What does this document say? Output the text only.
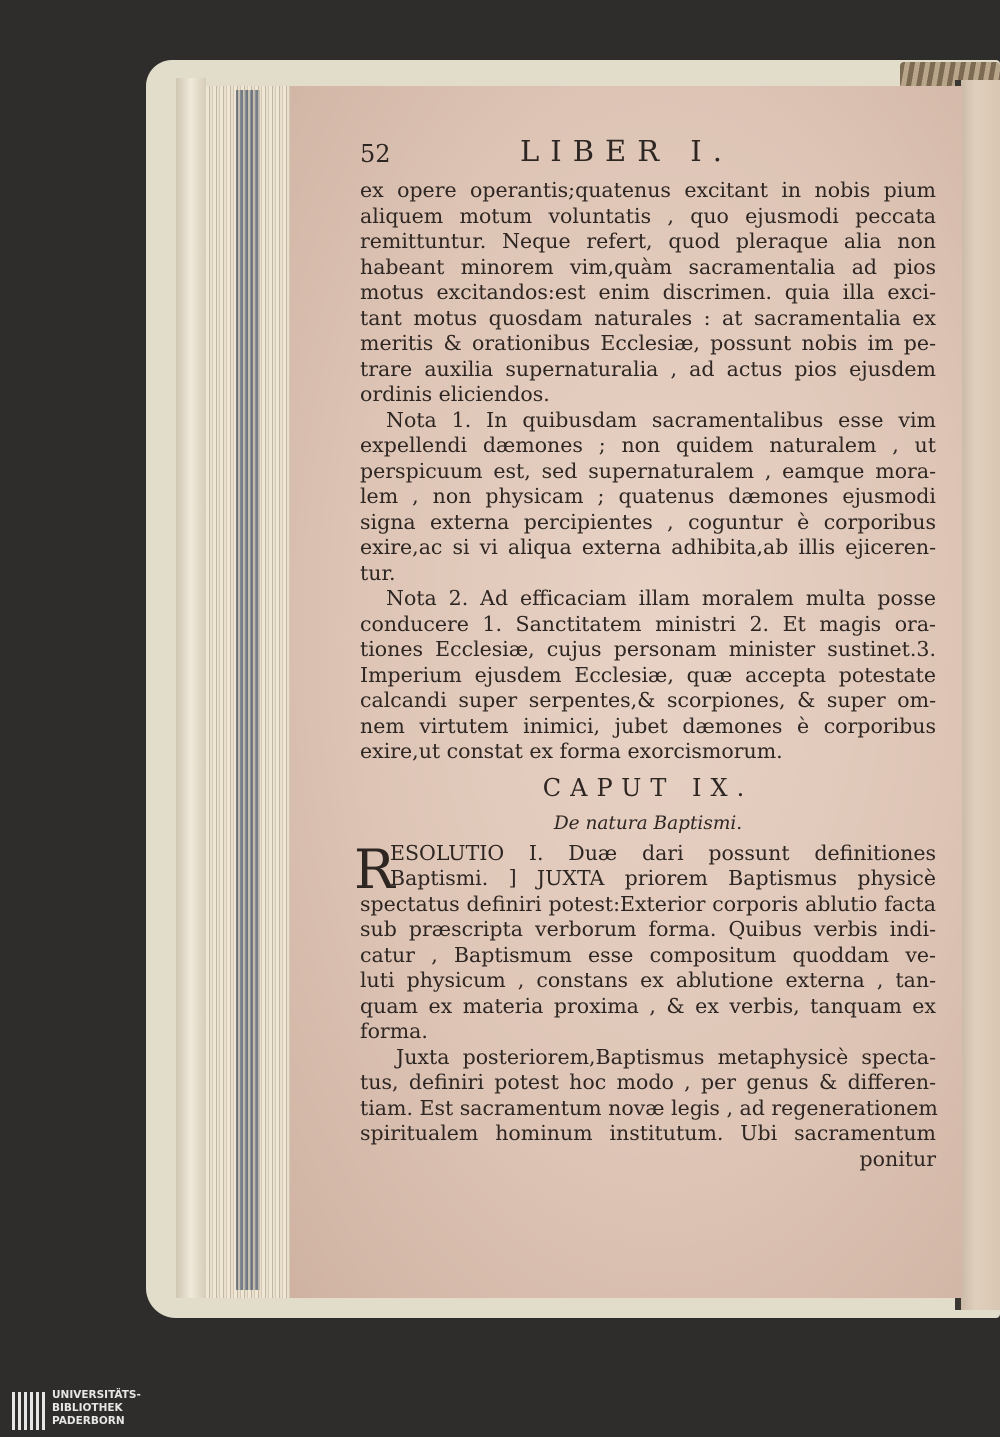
52	LIBER I.
ex opere operantis;quatenus excitant in nobis pium
aliquem motum voluntatis , quo ejusmodi peccata
remittuntur. Neque refert, quod pleraque alia non
habeant minorem vim,quàm sacramentalia ad pios
motus excitandos:est enim discrimen. quia illa exci-
tant motus quosdam naturales : at sacramentalia ex
meritis & orationibus Ecclesiæ, possunt nobis im pe-
trare auxilia supernaturalia , ad actus pios ejusdem
ordinis eliciendos.
Nota 1. In quibusdam sacramentalibus esse vim
expellendi dæmones ; non quidem naturalem , ut
perspicuum est, sed supernaturalem , eamque mora-
lem , non physicam ; quatenus dæmones ejusmodi
signa externa percipientes , coguntur è corporibus
exire,ac si vi aliqua externa adhibita,ab illis ejiceren-
tur.
Nota 2. Ad efficaciam illam moralem multa posse
conducere 1. Sanctitatem ministri 2. Et magis ora-
tiones Ecclesiæ, cujus personam minister sustinet.3.
Imperium ejusdem Ecclesiæ, quæ accepta potestate
calcandi super serpentes,& scorpiones, & super om-
nem virtutem inimici, jubet dæmones è corporibus
exire,ut constat ex forma exorcismorum.
CAPUT IX.
De natura Baptismi.
R
ESOLUTIO I. Duæ dari possunt definitiones
Baptismi. ] JUXTA priorem Baptismus physicè
spectatus definiri potest:Exterior corporis ablutio facta
sub præscripta verborum forma. Quibus verbis indi-
catur , Baptismum esse compositum quoddam ve-
luti physicum , constans ex ablutione externa , tan-
quam ex materia proxima , & ex verbis, tanquam ex
forma.
Juxta posteriorem,Baptismus metaphysicè specta-
tus, definiri potest hoc modo , per genus & differen-
tiam. Est sacramentum novæ legis , ad regenerationem
spiritualem hominum institutum. Ubi sacramentum
ponitur
UNIVERSITÄTS-
BIBLIOTHEK
PADERBORN
